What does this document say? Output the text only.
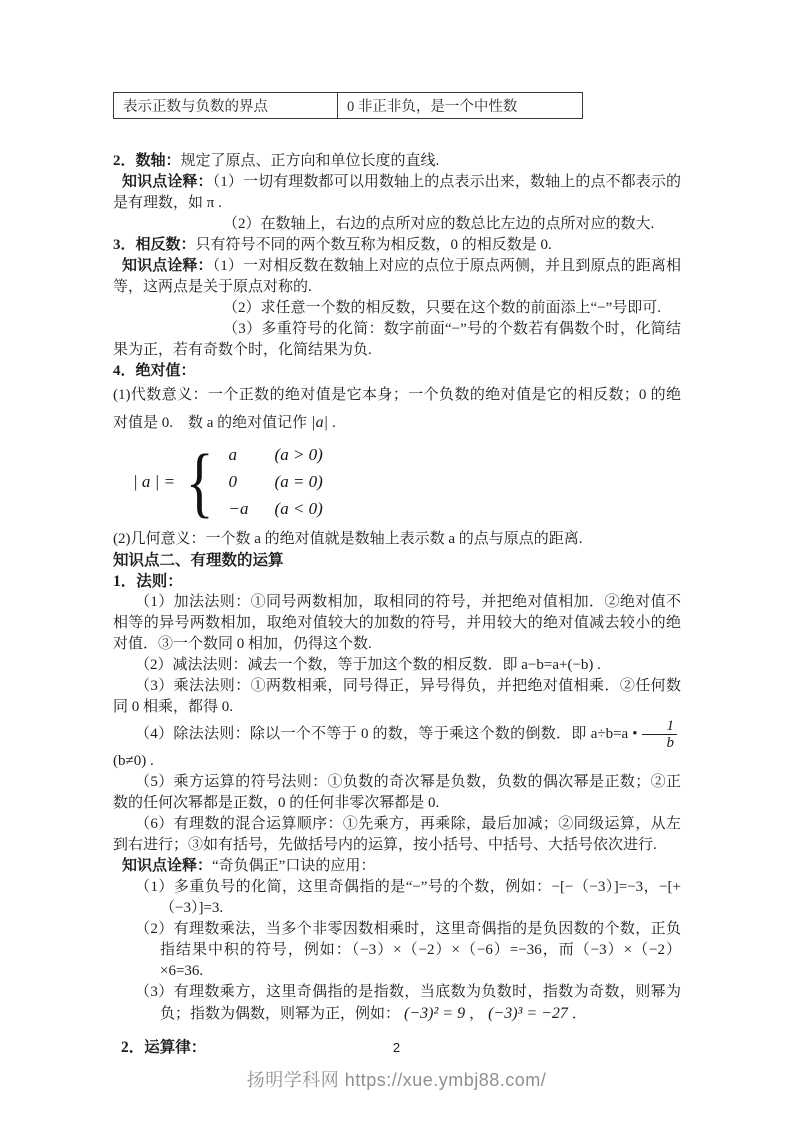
表示正数与负数的界点	0 非正非负，是一个中性数

2．数轴：规定了原点、正方向和单位长度的直线.

知识点诠释：（1）一切有理数都可以用数轴上的点表示出来，数轴上的点不都表示的是有理数，如 π .

（2）在数轴上，右边的点所对应的数总比左边的点所对应的数大.

3．相反数：只有符号不同的两个数互称为相反数，0 的相反数是 0.

知识点诠释：（1）一对相反数在数轴上对应的点位于原点两侧，并且到原点的距离相等，这两点是关于原点对称的.

（2）求任意一个数的相反数，只要在这个数的前面添上“−”号即可.

（3）多重符号的化简：数字前面“−”号的个数若有偶数个时，化简结果为正，若有奇数个时，化简结果为负.

4．绝对值：

(1)代数意义：一个正数的绝对值是它本身；一个负数的绝对值是它的相反数；0 的绝对值是 0.　数 a 的绝对值记作 |a| .

| a | = { a	(a > 0)
0	(a = 0)
−a	(a < 0)

(2)几何意义：一个数 a 的绝对值就是数轴上表示数 a 的点与原点的距离.

知识点二、有理数的运算

1．法则：

（1）加法法则：①同号两数相加，取相同的符号，并把绝对值相加．②绝对值不相等的异号两数相加，取绝对值较大的加数的符号，并用较大的绝对值减去较小的绝对值．③一个数同 0 相加，仍得这个数.

（2）减法法则：减去一个数，等于加这个数的相反数．即 a−b=a+(−b) .

（3）乘法法则：①两数相乘，同号得正，异号得负，并把绝对值相乘．②任何数同 0 相乘，都得 0.

（4）除法法则：除以一个不等于 0 的数，等于乘这个数的倒数．即 a÷b=a • $\frac{1}{b}$
(b≠0) .

（5）乘方运算的符号法则：①负数的奇次幂是负数，负数的偶次幂是正数；②正数的任何次幂都是正数，0 的任何非零次幂都是 0.

（6）有理数的混合运算顺序：①先乘方，再乘除，最后加减；②同级运算，从左到右进行；③如有括号，先做括号内的运算，按小括号、中括号、大括号依次进行.

知识点诠释：“奇负偶正”口诀的应用：

（1）多重负号的化简，这里奇偶指的是“−”号的个数，例如：−[−（−3）]=−3，−[+（−3）]=3.

（2）有理数乘法，当多个非零因数相乘时，这里奇偶指的是负因数的个数，正负指结果中积的符号，例如：（−3）×（−2）×（−6）=−36，而（−3）×（−2）×6=36.

（3）有理数乘方，这里奇偶指的是指数，当底数为负数时，指数为奇数，则幂为负；指数为偶数，则幂为正，例如： (−3)² = 9 ， (−3)³ = −27 ．

2．运算律：	2
扬明学科网 https://xue.ymbj88.com/
